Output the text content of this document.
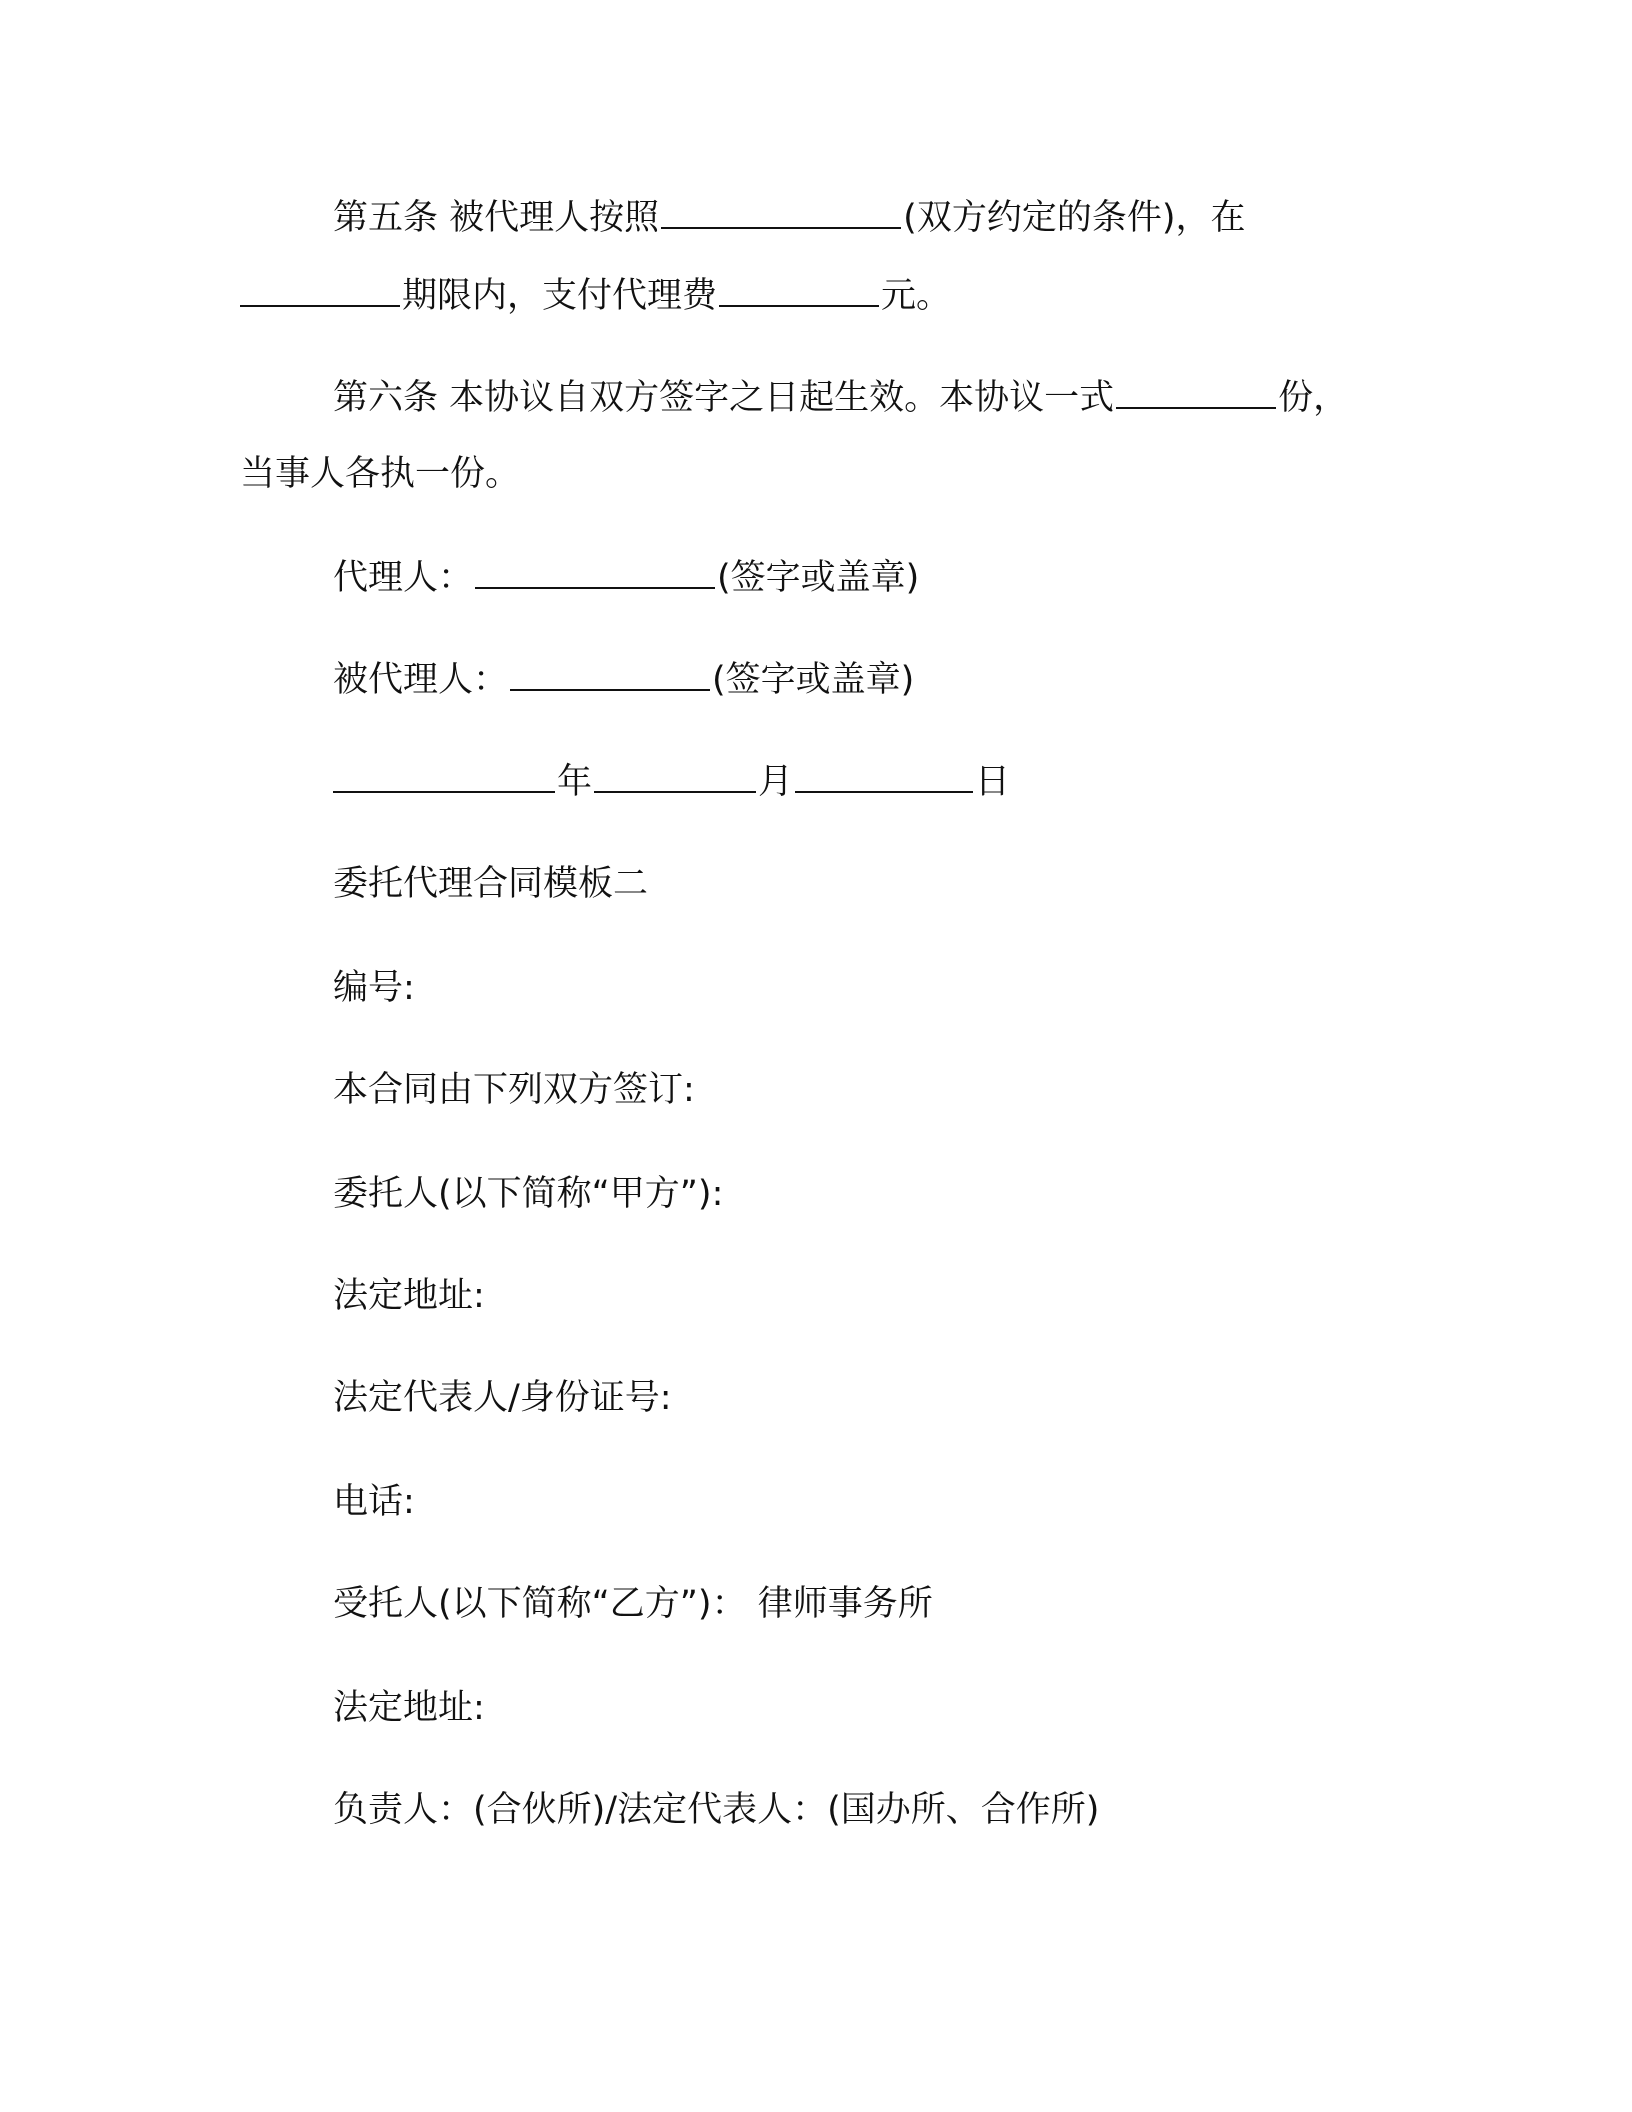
第五条 被代理人按照	(双方约定的条件)，在
期限内，支付代理费	元。
第六条 本协议自双方签字之日起生效。本协议一式	份，
当事人各执一份。
代理人：	(签字或盖章)
被代理人：	(签字或盖章)
年	月	日
委托代理合同模板二
编号:
本合同由下列双方签订:
委托人(以下简称“甲方”):
法定地址:
法定代表人/身份证号:
电话:
受托人(以下简称“乙方”)： 律师事务所
法定地址:
负责人：(合伙所)/法定代表人：(国办所、合作所)
